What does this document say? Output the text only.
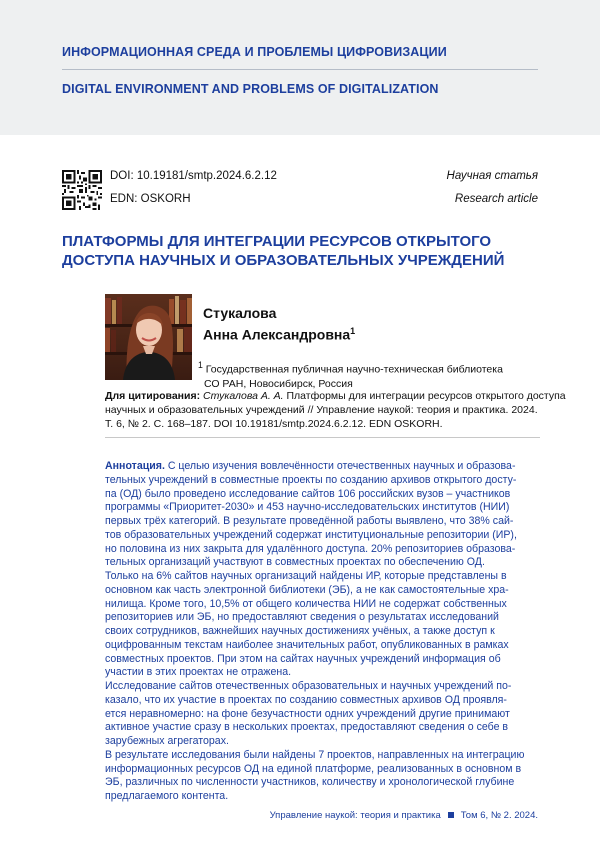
ИНФОРМАЦИОННАЯ СРЕДА И ПРОБЛЕМЫ ЦИФРОВИЗАЦИИ
DIGITAL ENVIRONMENT AND PROBLEMS OF DIGITALIZATION
DOI: 10.19181/smtp.2024.6.2.12
EDN: OSKORH
Научная статья
Research article
ПЛАТФОРМЫ ДЛЯ ИНТЕГРАЦИИ РЕСУРСОВ ОТКРЫТОГО
ДОСТУПА НАУЧНЫХ И ОБРАЗОВАТЕЛЬНЫХ УЧРЕЖДЕНИЙ
Стукалова
Анна Александровна$^1$
$^1$ Государственная публичная научно-техническая библиотека
СО РАН, Новосибирск, Россия
Для цитирования: Стукалова А. А. Платформы для интеграции ресурсов открытого доступа
научных и образовательных учреждений // Управление наукой: теория и практика. 2024.
Т. 6, № 2. С. 168–187. DOI 10.19181/smtp.2024.6.2.12. EDN OSKORH.
Аннотация. С целью изучения вовлечённости отечественных научных и образова-
тельных учреждений в совместные проекты по созданию архивов открытого досту-
па (ОД) было проведено исследование сайтов 106 российских вузов – участников
программы «Приоритет-2030» и 453 научно-исследовательских институтов (НИИ)
первых трёх категорий. В результате проведённой работы выявлено, что 38% сай-
тов образовательных учреждений содержат институциональные репозитории (ИР),
но половина из них закрыта для удалённого доступа. 20% репозиториев образова-
тельных организаций участвуют в совместных проектах по обеспечению ОД.
Только на 6% сайтов научных организаций найдены ИР, которые представлены в
основном как часть электронной библиотеки (ЭБ), а не как самостоятельные хра-
нилища. Кроме того, 10,5% от общего количества НИИ не содержат собственных
репозиториев или ЭБ, но предоставляют сведения о результатах исследований
своих сотрудников, важнейших научных достижениях учёных, а также доступ к
оцифрованным текстам наиболее значительных работ, опубликованных в рамках
совместных проектов. При этом на сайтах научных учреждений информация об
участии в этих проектах не отражена.
Исследование сайтов отечественных образовательных и научных учреждений по-
казало, что их участие в проектах по созданию совместных архивов ОД проявля-
ется неравномерно: на фоне безучастности одних учреждений другие принимают
активное участие сразу в нескольких проектах, предоставляют сведения о себе в
зарубежных агрегаторах.
В результате исследования были найдены 7 проектов, направленных на интеграцию
информационных ресурсов ОД на единой платформе, реализованных в основном в
ЭБ, различных по численности участников, количеству и хронологической глубине
предлагаемого контента.
Управление наукой: теория и практика Том 6, № 2. 2024.
